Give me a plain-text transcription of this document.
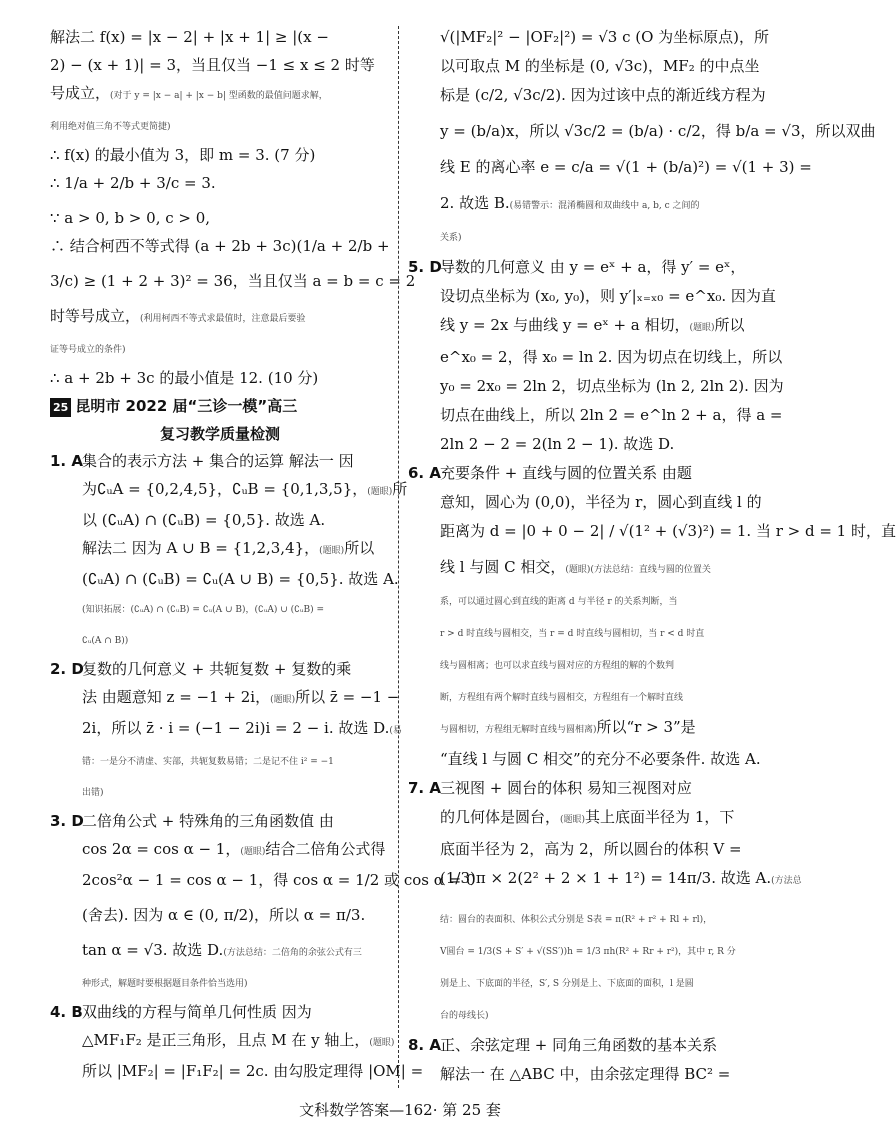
解法二 f(x) = |x − 2| + |x + 1| ≥ |(x −
2) − (x + 1)| = 3，当且仅当 −1 ≤ x ≤ 2 时等
号成立，(对于 y = |x − a| + |x − b| 型函数的最值问题求解，
利用绝对值三角不等式更简捷)
∴ f(x) 的最小值为 3，即 m = 3. (7 分)
∴ 1/a + 2/b + 3/c = 3.
∵ a > 0, b > 0, c > 0,
∴ 结合柯西不等式得 (a + 2b + 3c)(1/a + 2/b +
3/c) ≥ (1 + 2 + 3)² = 36，当且仅当 a = b = c = 2
时等号成立，(利用柯西不等式求最值时，注意最后要验
证等号成立的条件)
∴ a + 2b + 3c 的最小值是 12. (10 分)
25 昆明市 2022 届“三诊一模”高三
复习教学质量检测
1. A集合的表示方法 + 集合的运算 解法一 因
为∁ᵤA = {0,2,4,5}，∁ᵤB = {0,1,3,5}，(题眼)所
以 (∁ᵤA) ∩ (∁ᵤB) = {0,5}. 故选 A.
解法二 因为 A ∪ B = {1,2,3,4}，(题眼)所以
(∁ᵤA) ∩ (∁ᵤB) = ∁ᵤ(A ∪ B) = {0,5}. 故选 A.
(知识拓展：(∁ᵤA) ∩ (∁ᵤB) = ∁ᵤ(A ∪ B)，(∁ᵤA) ∪ (∁ᵤB) =
∁ᵤ(A ∩ B))
2. D复数的几何意义 + 共轭复数 + 复数的乘
法 由题意知 z = −1 + 2i，(题眼)所以 z̄ = −1 −
2i，所以 z̄ · i = (−1 − 2i)i = 2 − i. 故选 D.(易
错：一是分不清虚、实部，共轭复数易错；二是记不住 i² = −1
出错)
3. D二倍角公式 + 特殊角的三角函数值 由
cos 2α = cos α − 1，(题眼)结合二倍角公式得
2cos²α − 1 = cos α − 1，得 cos α = 1/2 或 cos α = 0
(舍去). 因为 α ∈ (0, π/2)，所以 α = π/3.
tan α = √3. 故选 D.(方法总结：二倍角的余弦公式有三
种形式，解题时要根据题目条件恰当选用)
4. B双曲线的方程与简单几何性质 因为
△MF₁F₂ 是正三角形，且点 M 在 y 轴上，(题眼)
所以 |MF₂| = |F₁F₂| = 2c. 由勾股定理得 |OM| =
√(|MF₂|² − |OF₂|²) = √3 c (O 为坐标原点)，所
以可取点 M 的坐标是 (0, √3c)，MF₂ 的中点坐
标是 (c/2, √3c/2). 因为过该中点的渐近线方程为
y = (b/a)x，所以 √3c/2 = (b/a) · c/2，得 b/a = √3，所以双曲
线 E 的离心率 e = c/a = √(1 + (b/a)²) = √(1 + 3) =
2. 故选 B.(易错警示：混淆椭圆和双曲线中 a, b, c 之间的
关系)
5. D导数的几何意义 由 y = eˣ + a，得 y′ = eˣ，
设切点坐标为 (x₀, y₀)，则 y′|ₓ₌ₓ₀ = e^x₀. 因为直
线 y = 2x 与曲线 y = eˣ + a 相切，(题眼)所以
e^x₀ = 2，得 x₀ = ln 2. 因为切点在切线上，所以
y₀ = 2x₀ = 2ln 2，切点坐标为 (ln 2, 2ln 2). 因为
切点在曲线上，所以 2ln 2 = e^ln 2 + a，得 a =
2ln 2 − 2 = 2(ln 2 − 1). 故选 D.
6. A充要条件 + 直线与圆的位置关系 由题
意知，圆心为 (0,0)，半径为 r，圆心到直线 l 的
距离为 d = |0 + 0 − 2| / √(1² + (√3)²) = 1. 当 r > d = 1 时，直
线 l 与圆 C 相交，(题眼)(方法总结：直线与圆的位置关
系，可以通过圆心到直线的距离 d 与半径 r 的关系判断，当
r > d 时直线与圆相交，当 r = d 时直线与圆相切，当 r < d 时直
线与圆相离；也可以求直线与圆对应的方程组的解的个数判
断，方程组有两个解时直线与圆相交，方程组有一个解时直线
与圆相切，方程组无解时直线与圆相离)所以“r > 3”是
“直线 l 与圆 C 相交”的充分不必要条件. 故选 A.
7. A三视图 + 圆台的体积 易知三视图对应
的几何体是圆台，(题眼)其上底面半径为 1，下
底面半径为 2，高为 2，所以圆台的体积 V =
(1/3)π × 2(2² + 2 × 1 + 1²) = 14π/3. 故选 A.(方法总
结：圆台的表面积、体积公式分别是 S表 = π(R² + r² + Rl + rl)，
V圆台 = 1/3(S + S′ + √(SS′))h = 1/3 πh(R² + Rr + r²)，其中 r, R 分
别是上、下底面的半径，S′, S 分别是上、下底面的面积，l 是圆
台的母线长)
8. A正、余弦定理 + 同角三角函数的基本关系
解法一 在 △ABC 中，由余弦定理得 BC² =
文科数学答案—162· 第 25 套
